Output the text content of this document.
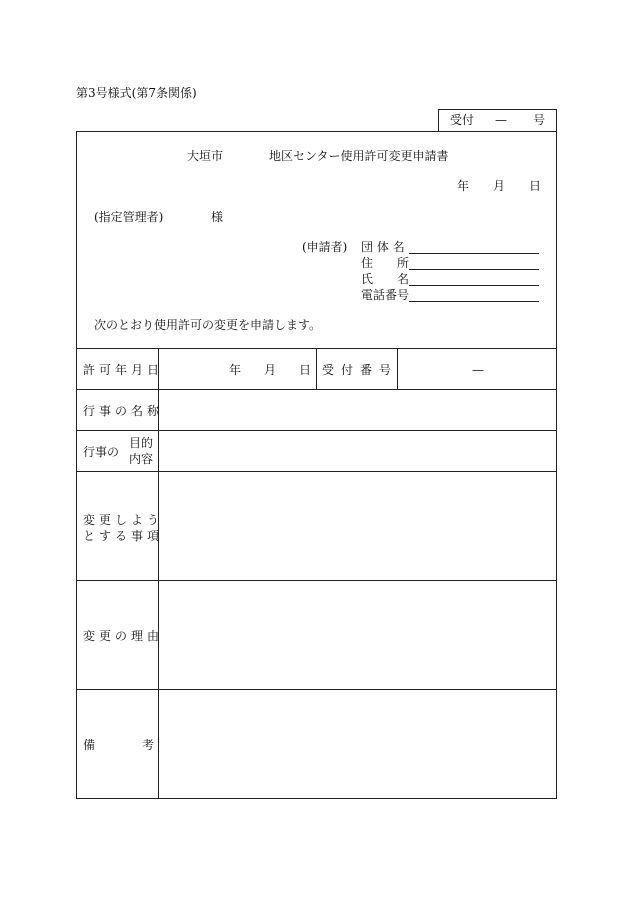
第3号様式(第7条関係)
受付 — 号
大垣市	地区センター使用許可変更申請書
年 月 日
(指定管理者)	様
(申請者) 団 体 名
住　　所
氏　　名
電話番号
次のとおり使用許可の変更を申請します。
許可年月日	年 月 日 受付番号	—
行事の名称
行事の
目的
内容
変更しよう
とする事項
変更の理由
備	考
